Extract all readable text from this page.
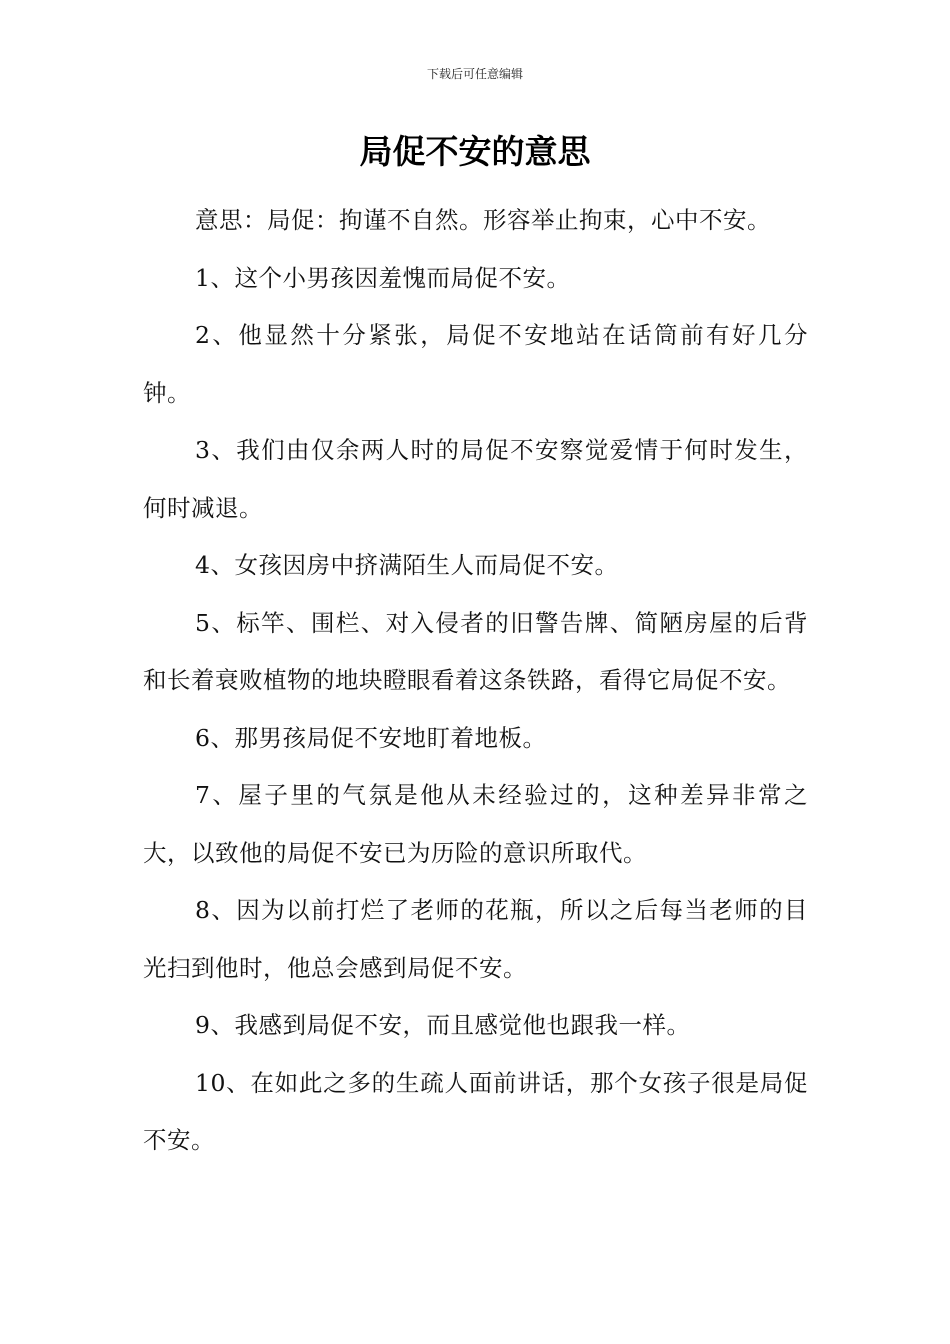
下载后可任意编辑
局促不安的意思

意思：局促：拘谨不自然。形容举止拘束，心中不安。

1、这个小男孩因羞愧而局促不安。

2、他显然十分紧张，局促不安地站在话筒前有好几分钟。

3、我们由仅余两人时的局促不安察觉爱情于何时发生，何时减退。

4、女孩因房中挤满陌生人而局促不安。

5、标竿、围栏、对入侵者的旧警告牌、简陋房屋的后背和长着衰败植物的地块瞪眼看着这条铁路，看得它局促不安。

6、那男孩局促不安地盯着地板。

7、屋子里的气氛是他从未经验过的，这种差异非常之大，以致他的局促不安已为历险的意识所取代。

8、因为以前打烂了老师的花瓶，所以之后每当老师的目光扫到他时，他总会感到局促不安。

9、我感到局促不安，而且感觉他也跟我一样。

10、在如此之多的生疏人面前讲话，那个女孩子很是局促不安。
